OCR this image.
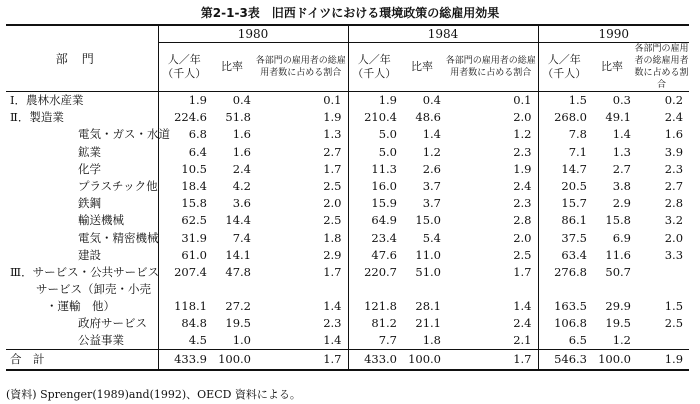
第2-1-3表　旧西ドイツにおける環境政策の総雇用効果
部門	1980			1984			1990		
	人／年（千人）	比率	各部門の雇用者の総雇用者数に占める割合	人／年（千人）	比率	各部門の雇用者の総雇用者数に占める割合	人／年（千人）	比率	各部門の雇用者の総雇用者数に占める割合
Ⅰ．農林水産業	1.9	0.4	0.1	1.9	0.4	0.1	1.5	0.3	0.2
Ⅱ．製造業	224.6	51.8	1.9	210.4	48.6	2.0	268.0	49.1	2.4
電気・ガス・水道	6.8	1.6	1.3	5.0	1.4	1.2	7.8	1.4	1.6
鉱業	6.4	1.6	2.7	5.0	1.2	2.3	7.1	1.3	3.9
化学	10.5	2.4	1.7	11.3	2.6	1.9	14.7	2.7	2.3
プラスチック他	18.4	4.2	2.5	16.0	3.7	2.4	20.5	3.8	2.7
鉄鋼	15.8	3.6	2.0	15.9	3.7	2.3	15.7	2.9	2.8
輸送機械	62.5	14.4	2.5	64.9	15.0	2.8	86.1	15.8	3.2
電気・精密機械	31.9	7.4	1.8	23.4	5.4	2.0	37.5	6.9	2.0
建設	61.0	14.1	2.9	47.6	11.0	2.5	63.4	11.6	3.3
Ⅲ．サービス・公共サービス	207.4	47.8	1.7	220.7	51.0	1.7	276.8	50.7	

サービス（卸売・小売
・運輸　他）	118.1	27.2	1.4	121.8	28.1	1.4	163.5	29.9	1.5
政府サービス	84.8	19.5	2.3	81.2	21.1	2.4	106.8	19.5	2.5
公益事業	4.5	1.0	1.4	7.7	1.8	2.1	6.5	1.2	
合　計	433.9	100.0	1.7	433.0	100.0	1.7	546.3	100.0	1.9
(資料) Sprenger(1989)and(1992)、OECD 資料による。
